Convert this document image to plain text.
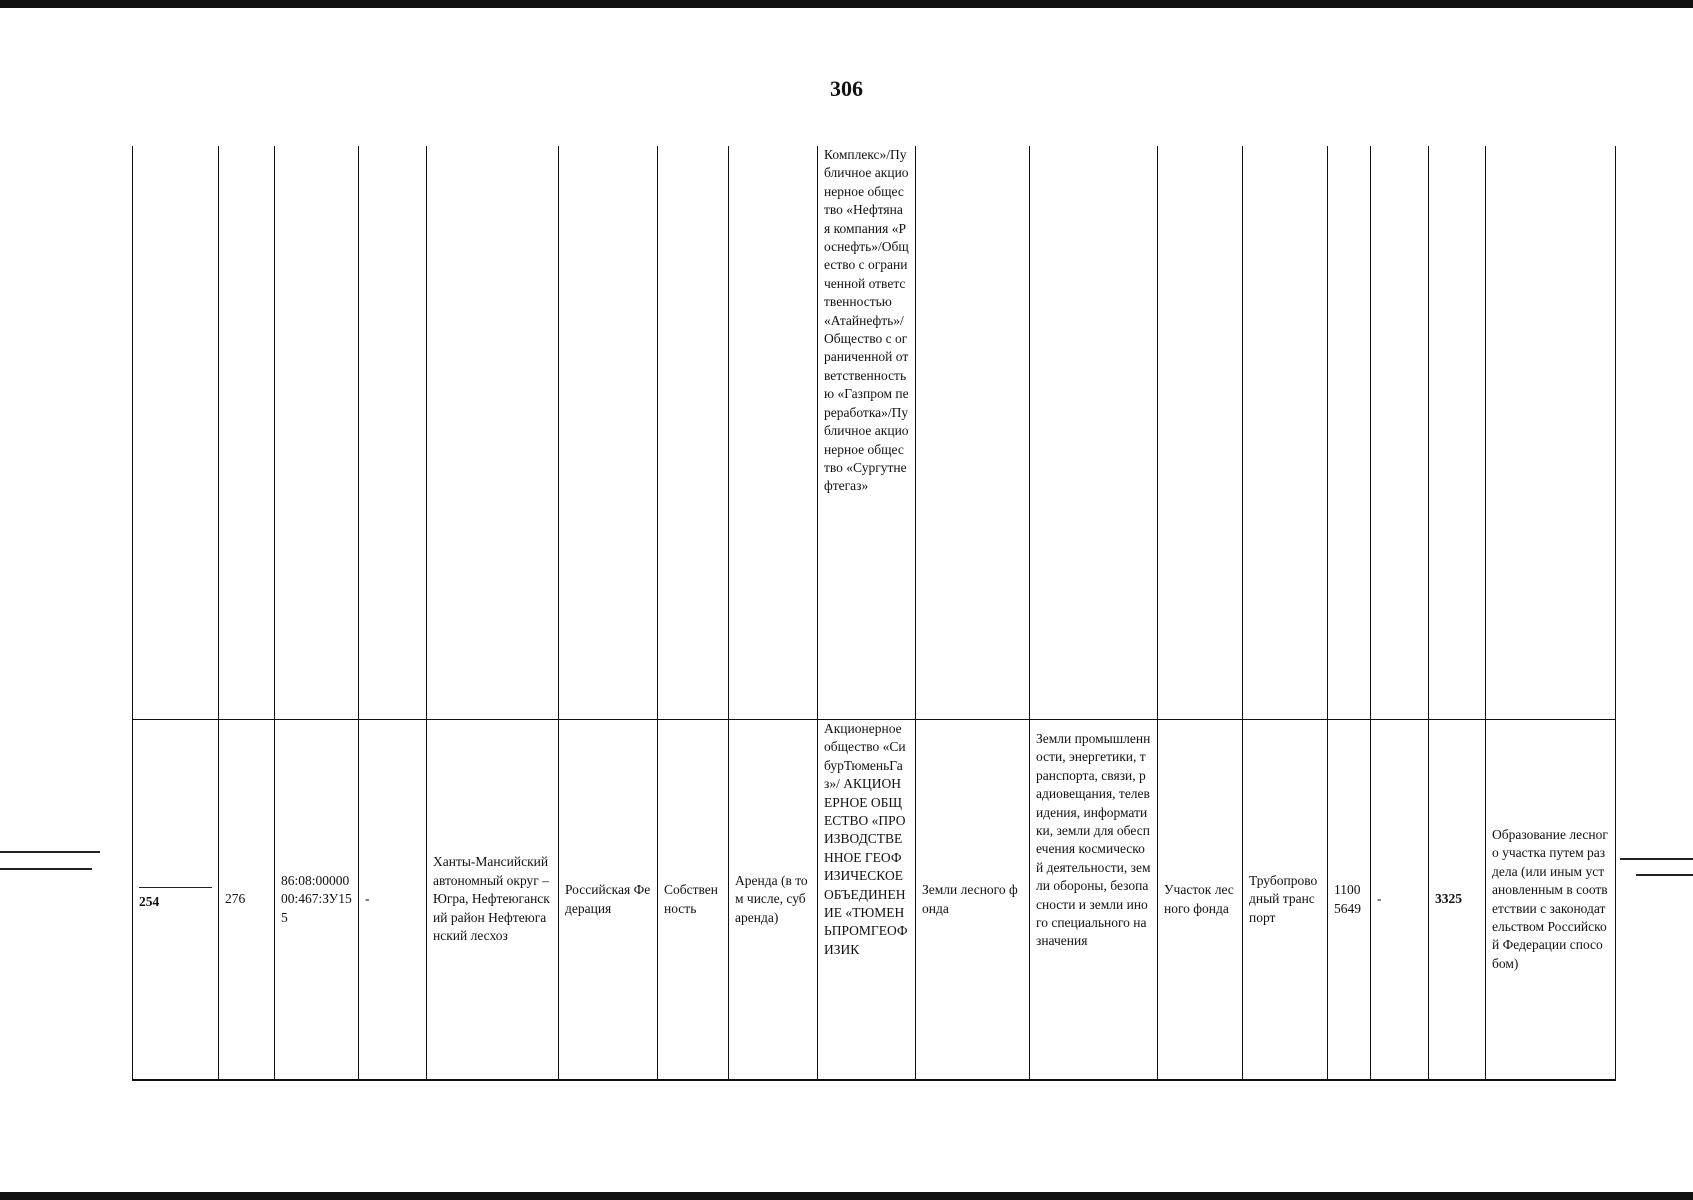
306
								Комплекс»/Публичное акционерное общество «Нефтяная компания «Роснефть»/Общество с ограниченной ответственностью «Атайнефть»/Общество с ограниченной ответственностью «Газпром переработка»/Публичное акционерное общество «Сургутнефтегаз»								

254	276	86:08:0000000:467:ЗУ155	-	Ханты-Мансийский автономный округ – Югра, Нефтеюганский район Нефтеюганский лесхоз	Российская Федерация	Собственность	Аренда (в том числе, субаренда)	Акционерное общество «СибурТюменьГаз»/ АКЦИОНЕРНОЕ ОБЩЕСТВО «ПРОИЗВОДСТВЕННОЕ ГЕОФИЗИЧЕСКОЕ ОБЪЕДИНЕНИЕ «ТЮМЕНЬПРОМГЕОФИЗИК	Земли лесного фонда	Земли промышленности, энергетики, транспорта, связи, радиовещания, телевидения, информатики, земли для обеспечения космической деятельности, земли обороны, безопасности и земли иного специального назначения	Участок лесного фонда	Трубопроводный транспорт	11005649	-	3325	Образование лесного участка путем раздела (или иным установленным в соответствии с законодательством Российской Федерации способом)
